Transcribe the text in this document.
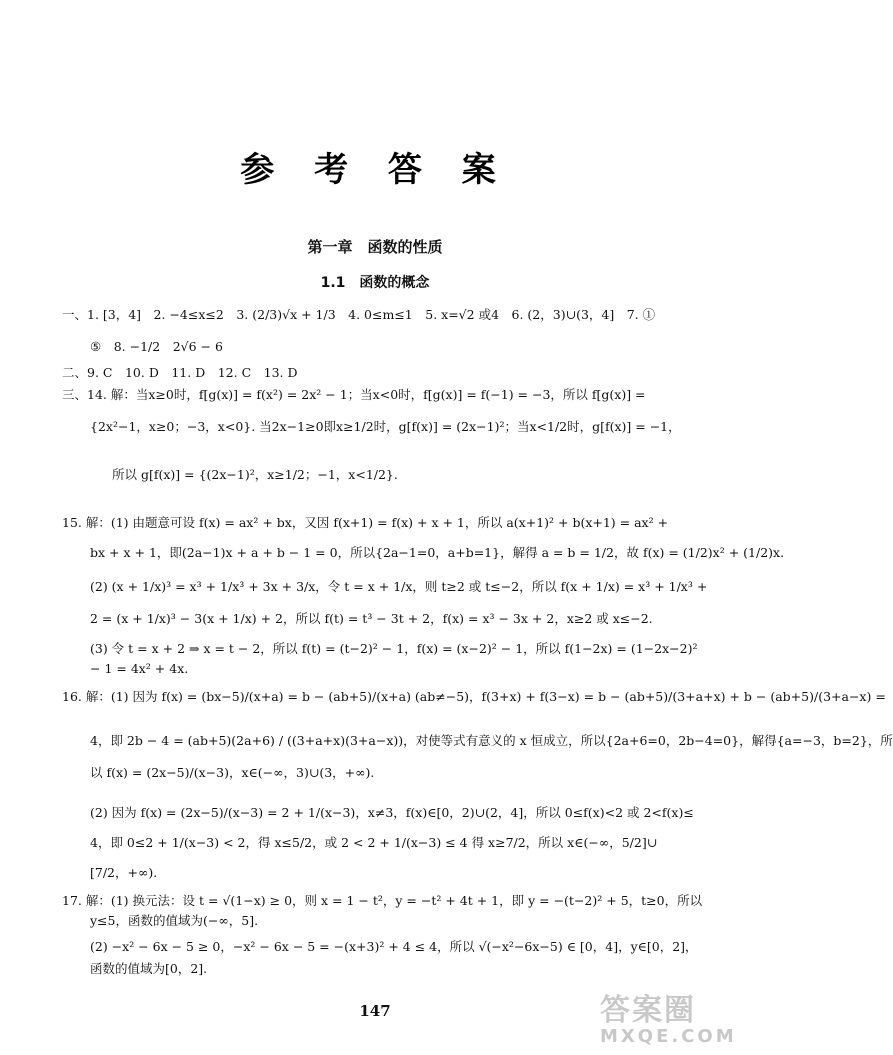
参 考 答 案
第一章　函数的性质
1.1　函数的概念
一、1. [3，4]　2. −4≤x≤2　3. (2/3)√x + 1/3　4. 0≤m≤1　5. x=√2 或4　6. (2，3)∪(3，4]　7. ①
⑤　8. −1/2　2√6 − 6
二、9. C　10. D　11. D　12. C　13. D
三、14. 解：当x≥0时，f[g(x)] = f(x²) = 2x² − 1；当x<0时，f[g(x)] = f(−1) = −3，所以 f[g(x)] =
{2x²−1，x≥0；−3，x<0}. 当2x−1≥0即x≥1/2时，g[f(x)] = (2x−1)²；当x<1/2时，g[f(x)] = −1，
所以 g[f(x)] = {(2x−1)²，x≥1/2；−1，x<1/2}.
15. 解：(1) 由题意可设 f(x) = ax² + bx，又因 f(x+1) = f(x) + x + 1，所以 a(x+1)² + b(x+1) = ax² +
bx + x + 1，即(2a−1)x + a + b − 1 = 0，所以{2a−1=0，a+b=1}，解得 a = b = 1/2，故 f(x) = (1/2)x² + (1/2)x.
(2) (x + 1/x)³ = x³ + 1/x³ + 3x + 3/x，令 t = x + 1/x，则 t≥2 或 t≤−2，所以 f(x + 1/x) = x³ + 1/x³ +
2 = (x + 1/x)³ − 3(x + 1/x) + 2，所以 f(t) = t³ − 3t + 2，f(x) = x³ − 3x + 2，x≥2 或 x≤−2.
(3) 令 t = x + 2 ⇒ x = t − 2，所以 f(t) = (t−2)² − 1，f(x) = (x−2)² − 1，所以 f(1−2x) = (1−2x−2)²
− 1 = 4x² + 4x.
16. 解：(1) 因为 f(x) = (bx−5)/(x+a) = b − (ab+5)/(x+a) (ab≠−5)，f(3+x) + f(3−x) = b − (ab+5)/(3+a+x) + b − (ab+5)/(3+a−x) =
4，即 2b − 4 = (ab+5)(2a+6) / ((3+a+x)(3+a−x))，对使等式有意义的 x 恒成立，所以{2a+6=0，2b−4=0}，解得{a=−3，b=2}，所
以 f(x) = (2x−5)/(x−3)，x∈(−∞，3)∪(3，+∞).
(2) 因为 f(x) = (2x−5)/(x−3) = 2 + 1/(x−3)，x≠3，f(x)∈[0，2)∪(2，4]，所以 0≤f(x)<2 或 2<f(x)≤
4，即 0≤2 + 1/(x−3) < 2，得 x≤5/2，或 2 < 2 + 1/(x−3) ≤ 4 得 x≥7/2，所以 x∈(−∞，5/2]∪
[7/2，+∞).
17. 解：(1) 换元法：设 t = √(1−x) ≥ 0，则 x = 1 − t²，y = −t² + 4t + 1，即 y = −(t−2)² + 5，t≥0，所以
y≤5，函数的值域为(−∞，5].
(2) −x² − 6x − 5 ≥ 0，−x² − 6x − 5 = −(x+3)² + 4 ≤ 4，所以 √(−x²−6x−5) ∈ [0，4]，y∈[0，2]，
函数的值域为[0，2].
147	答案圈
MXQE.COM
